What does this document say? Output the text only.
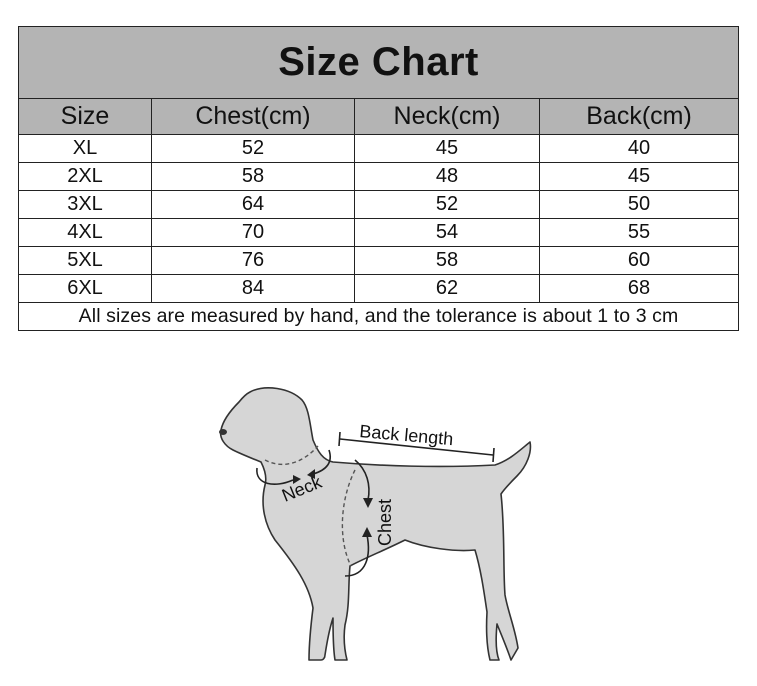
Size Chart			
Size	Chest(cm)	Neck(cm)	Back(cm)
XL	52	45	40
2XL	58	48	45
3XL	64	52	50
4XL	70	54	55
5XL	76	58	60
6XL	84	62	68
All sizes are measured by hand, and the tolerance is about 1 to 3 cm			
Back length
Neck
Chest
